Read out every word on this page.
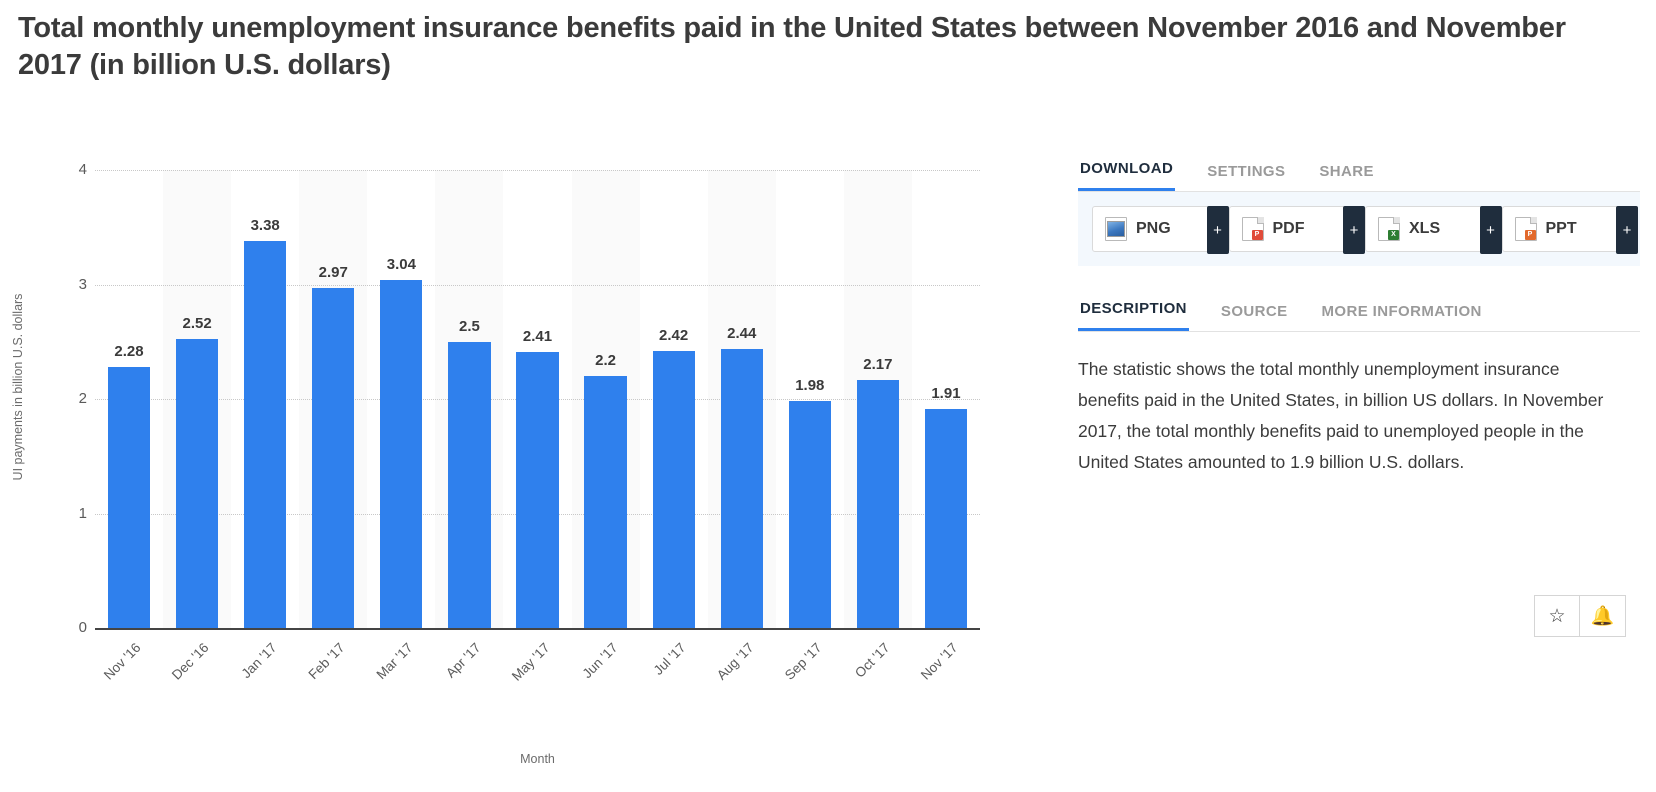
Total monthly unemployment insurance benefits paid in the United States between November 2016 and November 2017 (in billion U.S. dollars)
UI payments in billion U.S. dollars
0
1
2
3
4
2.28
Nov '16
2.52
Dec '16
3.38
Jan '17
2.97
Feb '17
3.04
Mar '17
2.5
Apr '17
2.41
May '17
2.2
Jun '17
2.42
Jul '17
2.44
Aug '17
1.98
Sep '17
2.17
Oct '17
1.91
Nov '17
Month
DOWNLOAD SETTINGS SHARE
PNG	+	P PDF	+	X XLS	+	P PPT	+
DESCRIPTION SOURCE MORE INFORMATION
The statistic shows the total monthly unemployment insurance benefits paid in the United States, in billion US dollars. In November 2017, the total monthly benefits paid to unemployed people in the United States amounted to 1.9 billion U.S. dollars.
☆	🔔
